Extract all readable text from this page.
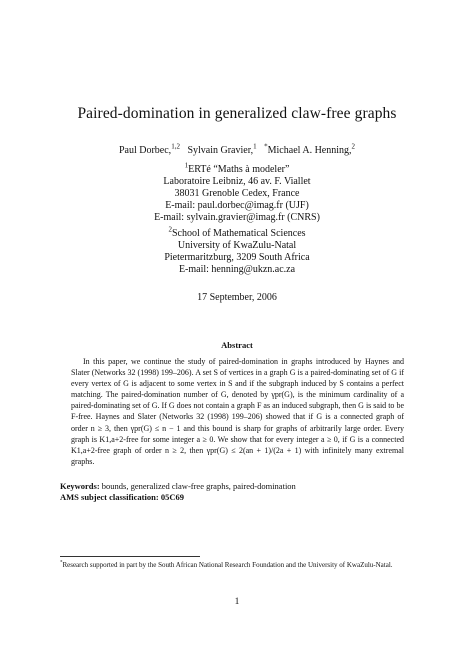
Paired-domination in generalized claw-free graphs
Paul Dorbec,$^{1,2}$ Sylvain Gravier,$^1$ *Michael A. Henning,$^2$
$^1$ERTé “Maths à modeler”
Laboratoire Leibniz, 46 av. F. Viallet
38031 Grenoble Cedex, France
E-mail: paul.dorbec@imag.fr (UJF)
E-mail: sylvain.gravier@imag.fr (CNRS)
$^2$School of Mathematical Sciences
University of KwaZulu-Natal
Pietermaritzburg, 3209 South Africa
E-mail: henning@ukzn.ac.za
17 September, 2006
Abstract

In this paper, we continue the study of paired-domination in graphs introduced by Haynes and Slater (Networks 32 (1998) 199–206). A set S of vertices in a graph G is a paired-dominating set of G if every vertex of G is adjacent to some vertex in S and if the subgraph induced by S contains a perfect matching. The paired-domination number of G, denoted by γpr(G), is the minimum cardinality of a paired-dominating set of G. If G does not contain a graph F as an induced subgraph, then G is said to be F-free. Haynes and Slater (Networks 32 (1998) 199–206) showed that if G is a connected graph of order n ≥ 3, then γpr(G) ≤ n − 1 and this bound is sharp for graphs of arbitrarily large order. Every graph is K1,a+2-free for some integer a ≥ 0. We show that for every integer a ≥ 0, if G is a connected K1,a+2-free graph of order n ≥ 2, then γpr(G) ≤ 2(an + 1)/(2a + 1) with infinitely many extremal graphs.

Keywords: bounds, generalized claw-free graphs, paired-domination
AMS subject classification: 05C69
*Research supported in part by the South African National Research Foundation and the University of KwaZulu-Natal.
1
